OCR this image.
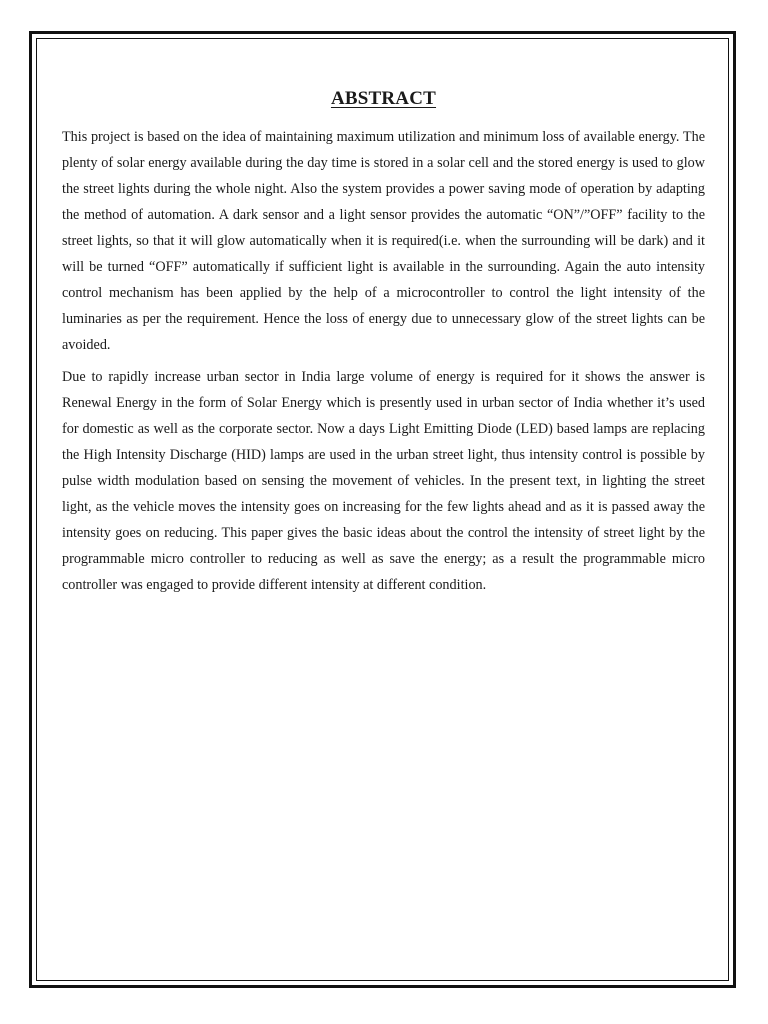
ABSTRACT

This project is based on the idea of maintaining maximum utilization and minimum loss of available energy. The plenty of solar energy available during the day time is stored in a solar cell and the stored energy is used to glow the street lights during the whole night. Also the system provides a power saving mode of operation by adapting the method of automation. A dark sensor and a light sensor provides the automatic “ON”/”OFF” facility to the street lights, so that it will glow automatically when it is required(i.e. when the surrounding will be dark) and it will be turned “OFF” automatically if sufficient light is available in the surrounding. Again the auto intensity control mechanism has been applied by the help of a microcontroller to control the light intensity of the luminaries as per the requirement. Hence the loss of energy due to unnecessary glow of the street lights can be avoided.

Due to rapidly increase urban sector in India large volume of energy is required for it shows the answer is Renewal Energy in the form of Solar Energy which is presently used in urban sector of India whether it’s used for domestic as well as the corporate sector. Now a days Light Emitting Diode (LED) based lamps are replacing the High Intensity Discharge (HID) lamps are used in the urban street light, thus intensity control is possible by pulse width modulation based on sensing the movement of vehicles. In the present text, in lighting the street light, as the vehicle moves the intensity goes on increasing for the few lights ahead and as it is passed away the intensity goes on reducing. This paper gives the basic ideas about the control the intensity of street light by the programmable micro controller to reducing as well as save the energy; as a result the programmable micro controller was engaged to provide different intensity at different condition.
